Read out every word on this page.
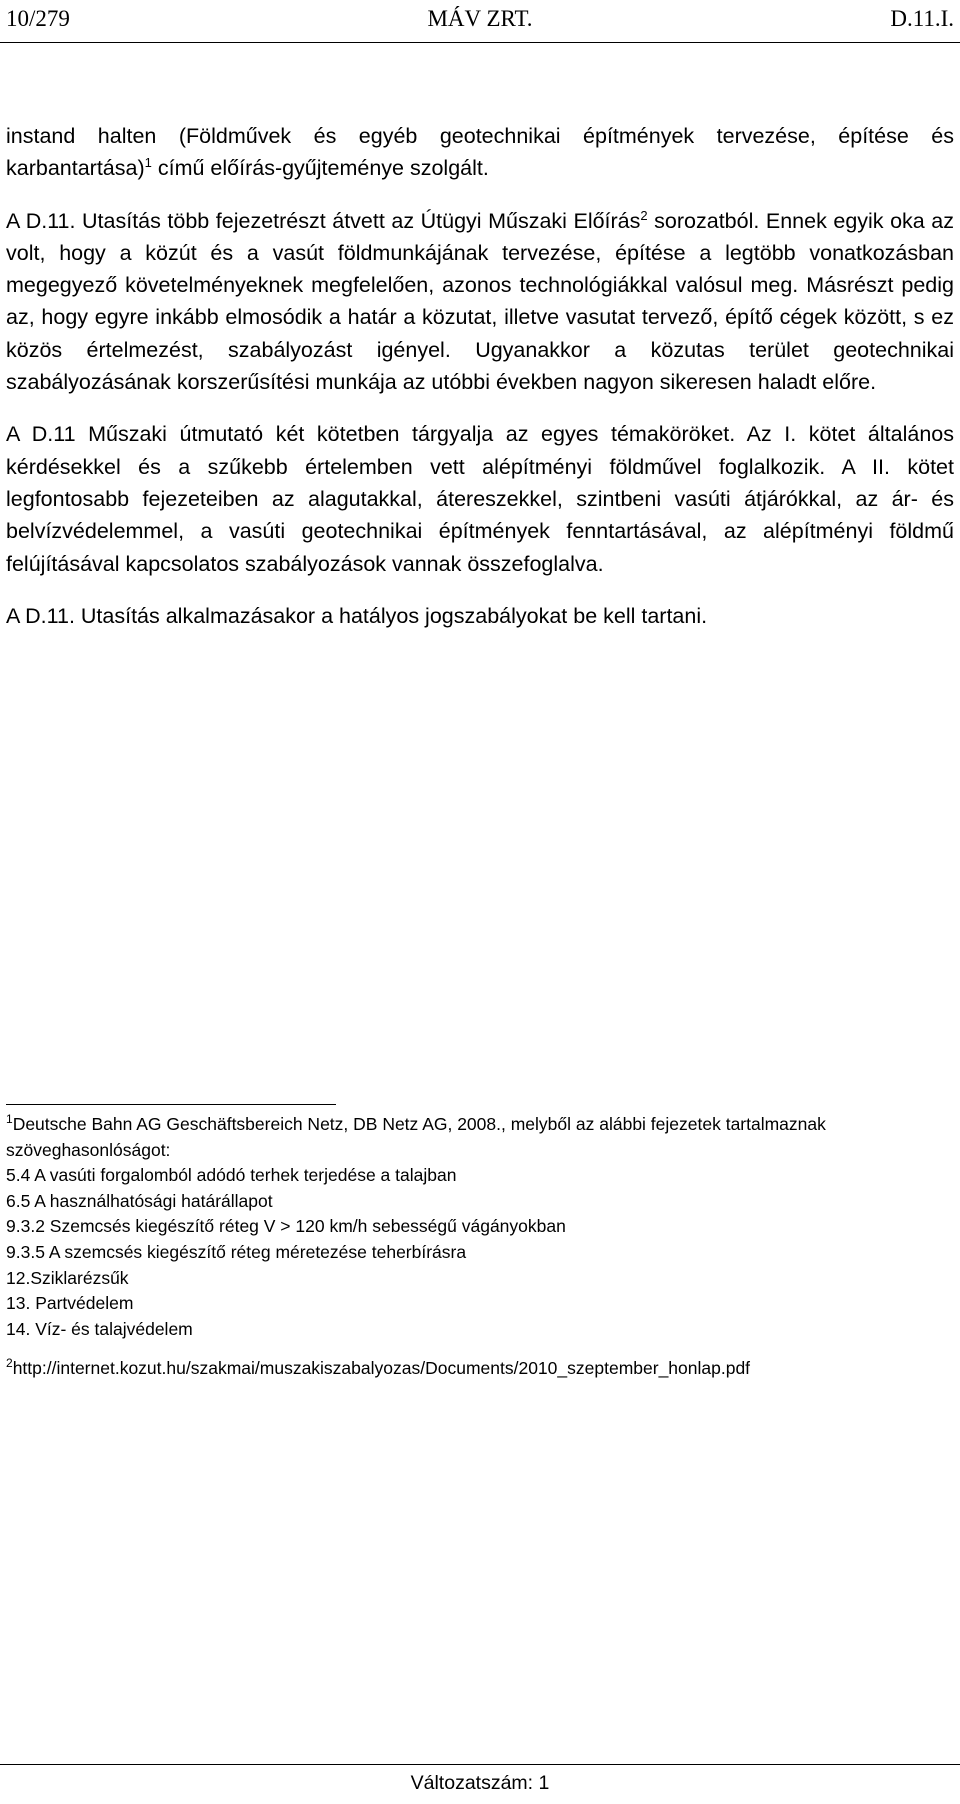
10/279	MÁV ZRT.	D.11.I.

instand halten (Földművek és egyéb geotechnikai építmények tervezése, építése és karbantartása)$^1$ című előírás-gyűjteménye szolgált.

A D.11. Utasítás több fejezetrészt átvett az Útügyi Műszaki Előírás$^2$ sorozatból. Ennek egyik oka az volt, hogy a közút és a vasút földmunkájának tervezése, építése a legtöbb vonatkozásban megegyező követelményeknek megfelelően, azonos technológiákkal valósul meg. Másrészt pedig az, hogy egyre inkább elmosódik a határ a közutat, illetve vasutat tervező, építő cégek között, s ez közös értelmezést, szabályozást igényel. Ugyanakkor a közutas terület geotechnikai szabályozásának korszerűsítési munkája az utóbbi években nagyon sikeresen haladt előre.

A D.11 Műszaki útmutató két kötetben tárgyalja az egyes témaköröket. Az I. kötet általános kérdésekkel és a szűkebb értelemben vett alépítményi földművel foglalkozik. A II. kötet legfontosabb fejezeteiben az alagutakkal, átereszekkel, szintbeni vasúti átjárókkal, az ár- és belvízvédelemmel, a vasúti geotechnikai építmények fenntartásával, az alépítményi földmű felújításával kapcsolatos szabályozások vannak összefoglalva.

A D.11. Utasítás alkalmazásakor a hatályos jogszabályokat be kell tartani.

$^1$Deutsche Bahn AG Geschäftsbereich Netz, DB Netz AG, 2008., melyből az alábbi fejezetek tartalmaznak szöveghasonlóságot:
5.4 A vasúti forgalomból adódó terhek terjedése a talajban
6.5 A használhatósági határállapot
9.3.2 Szemcsés kiegészítő réteg V > 120 km/h sebességű vágányokban
9.3.5 A szemcsés kiegészítő réteg méretezése teherbírásra
12.Sziklarézsűk
13. Partvédelem
14. Víz- és talajvédelem
$^2$http://internet.kozut.hu/szakmai/muszakiszabalyozas/Documents/2010_szeptember_honlap.pdf
Változatszám: 1
